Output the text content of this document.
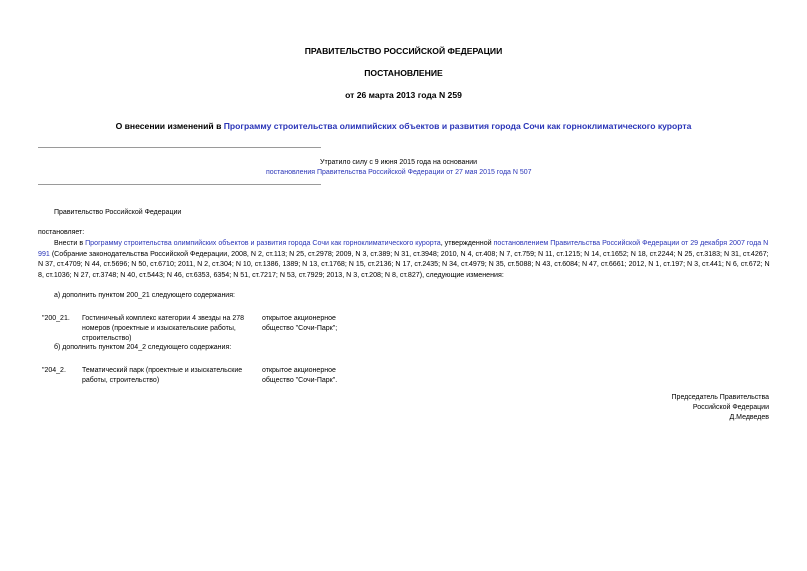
ПРАВИТЕЛЬСТВО РОССИЙСКОЙ ФЕДЕРАЦИИ
ПОСТАНОВЛЕНИЕ
от 26 марта 2013 года N 259
О внесении изменений в Программу строительства олимпийских объектов и развития города Сочи как горноклиматического курорта
Утратило силу с 9 июня 2015 года на основании
постановления Правительства Российской Федерации от 27 мая 2015 года N 507
Правительство Российской Федерации
постановляет:
Внести в Программу строительства олимпийских объектов и развития города Сочи как горноклиматического курорта, утвержденной постановлением Правительства Российской Федерации от 29 декабря 2007 года N 991 (Собрание законодательства Российской Федерации, 2008, N 2, ст.113; N 25, ст.2978; 2009, N 3, ст.389; N 31, ст.3948; 2010, N 4, ст.408; N 7, ст.759; N 11, ст.1215; N 14, ст.1652; N 18, ст.2244; N 25, ст.3183; N 31, ст.4267; N 37, ст.4709; N 44, ст.5696; N 50, ст.6710; 2011, N 2, ст.304; N 10, ст.1386, 1389; N 13, ст.1768; N 15, ст.2136; N 17, ст.2435; N 34, ст.4979; N 35, ст.5088; N 43, ст.6084; N 47, ст.6661; 2012, N 1, ст.197; N 3, ст.441; N 6, ст.672; N 8, ст.1036; N 27, ст.3748; N 40, ст.5443; N 46, ст.6353, 6354; N 51, ст.7217; N 53, ст.7929; 2013, N 3, ст.208; N 8, ст.827), следующие изменения:
а) дополнить пунктом 200_21 следующего содержания:
"200_21. Гостиничный комплекс категории 4 звезды на 278 номеров (проектные и изыскательские работы, строительство)
открытое акционерное общество "Сочи-Парк";
б) дополнить пунктом 204_2 следующего содержания:
"204_2. Тематический парк (проектные и изыскательские работы, строительство)
открытое акционерное общество "Сочи-Парк".
Председатель Правительства
Российской Федерации
Д.Медведев
